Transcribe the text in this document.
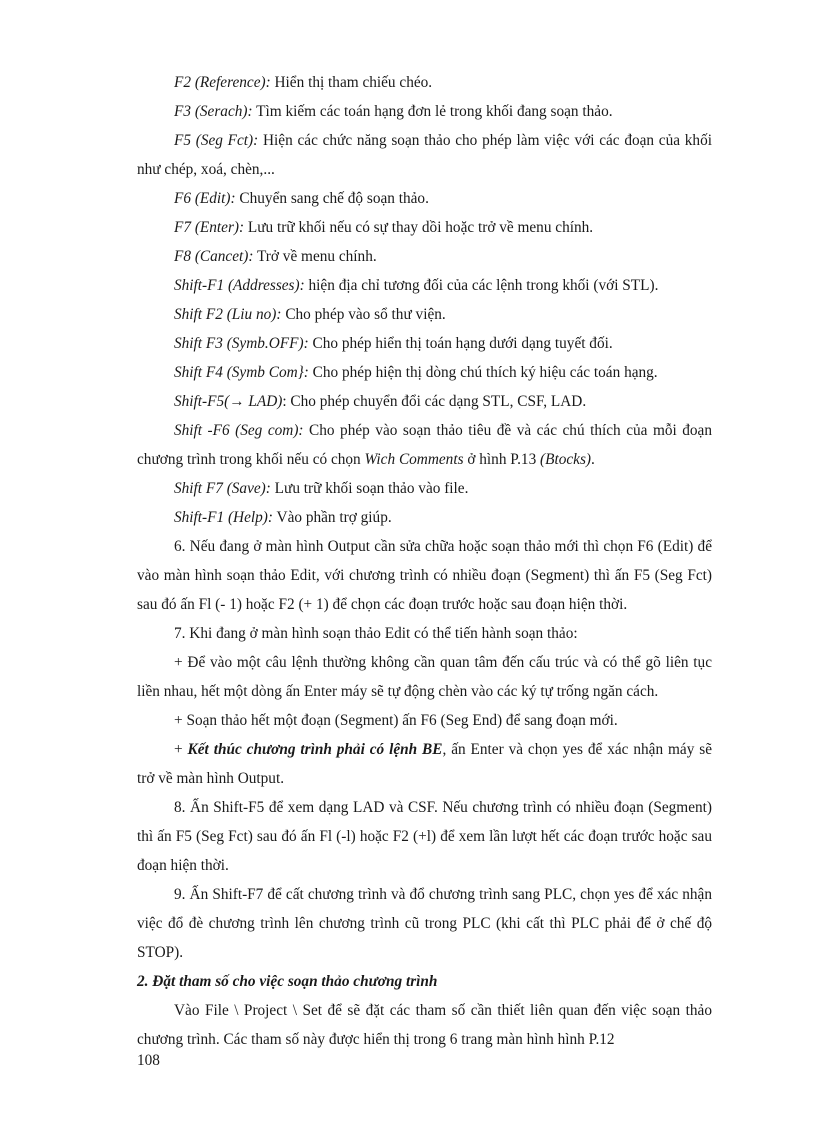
F2 (Reference): Hiển thị tham chiếu chéo.

F3 (Serach): Tìm kiếm các toán hạng đơn lẻ trong khối đang soạn thảo.

F5 (Seg Fct): Hiện các chức năng soạn thảo cho phép làm việc với các đoạn của khối như chép, xoá, chèn,...

F6 (Edit): Chuyển sang chế độ soạn thảo.

F7 (Enter): Lưu trữ khối nếu có sự thay dồi hoặc trở về menu chính.

F8 (Cancet): Trở về menu chính.

Shift-F1 (Addresses): hiện địa chỉ tương đối của các lệnh trong khối (với STL).

Shift F2 (Liu no): Cho phép vào sổ thư viện.

Shift F3 (Symb.OFF): Cho phép hiển thị toán hạng dưới dạng tuyết đối.

Shift F4 (Symb Com}: Cho phép hiện thị dòng chú thích ký hiệu các toán hạng.

Shift-F5(→ LAD): Cho phép chuyển đổi các dạng STL, CSF, LAD.

Shift -F6 (Seg com): Cho phép vào soạn thảo tiêu đề và các chú thích của mỗi đoạn chương trình trong khối nếu có chọn Wich Comments ở hình P.13 (Btocks).

Shift F7 (Save): Lưu trữ khối soạn thảo vào file.

Shift-F1 (Help): Vào phần trợ giúp.

6. Nếu đang ở màn hình Output cần sửa chữa hoặc soạn thảo mới thì chọn F6 (Edit) để vào màn hình soạn thảo Edit, với chương trình có nhiều đoạn (Segment) thì ấn F5 (Seg Fct) sau đó ấn Fl (- 1) hoặc F2 (+ 1) để chọn các đoạn trước hoặc sau đoạn hiện thời.

7. Khi đang ở màn hình soạn thảo Edit có thể tiến hành soạn thảo:

+ Để vào một câu lệnh thường không cần quan tâm đến cấu trúc và có thể gõ liên tục liền nhau, hết một dòng ấn Enter máy sẽ tự động chèn vào các ký tự trống ngăn cách.

+ Soạn thảo hết một đoạn (Segment) ấn F6 (Seg End) để sang đoạn mới.

+ Kết thúc chương trình phải có lệnh BE, ấn Enter và chọn yes để xác nhận máy sẽ trở về màn hình Output.

8. Ấn Shift-F5 để xem dạng LAD và CSF. Nếu chương trình có nhiều đoạn (Segment) thì ấn F5 (Seg Fct) sau đó ấn Fl (-l) hoặc F2 (+l) để xem lần lượt hết các đoạn trước hoặc sau đoạn hiện thời.

9. Ấn Shift-F7 để cất chương trình và đổ chương trình sang PLC, chọn yes để xác nhận việc đổ đè chương trình lên chương trình cũ trong PLC (khi cất thì PLC phải để ở chế độ STOP).

2. Đặt tham số cho việc soạn thảo chương trình

Vào File \ Project \ Set để sẽ đặt các tham số cần thiết liên quan đến việc soạn thảo chương trình. Các tham số này được hiển thị trong 6 trang màn hình hình P.12

108
